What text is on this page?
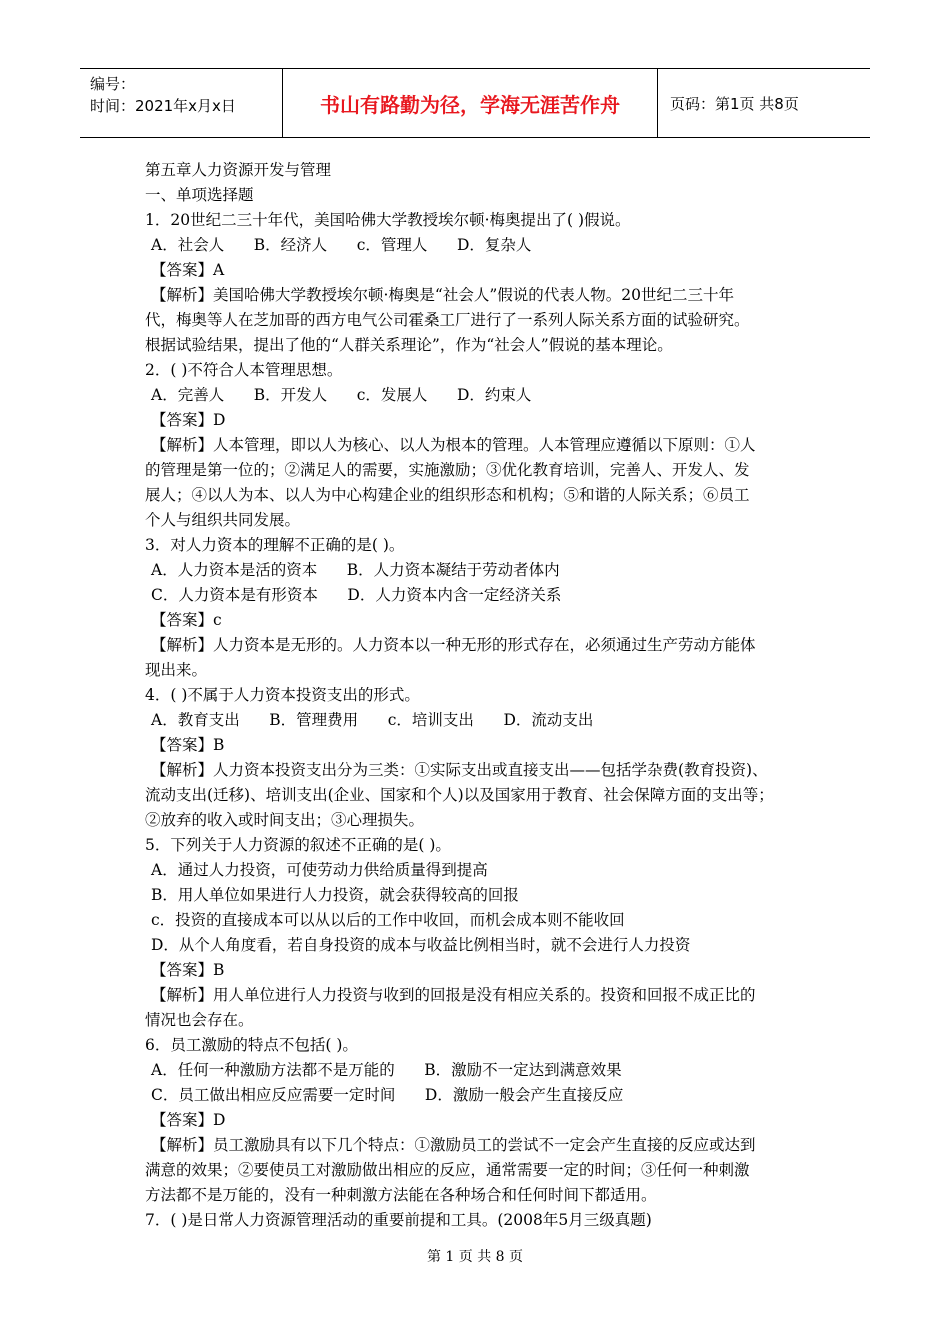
编号：
时间：2021年x月x日	书山有路勤为径，学海无涯苦作舟	页码：第1页 共8页

第五章人力资源开发与管理

一、单项选择题

1．20世纪二三十年代，美国哈佛大学教授埃尔顿·梅奥提出了( )假说。

A．社会人      B．经济人      c．管理人      D．复杂人

【答案】A

【解析】美国哈佛大学教授埃尔顿·梅奥是“社会人”假说的代表人物。20世纪二三十年

代，梅奥等人在芝加哥的西方电气公司霍桑工厂进行了一系列人际关系方面的试验研究。

根据试验结果，提出了他的“人群关系理论”，作为“社会人”假说的基本理论。

2．( )不符合人本管理思想。

A．完善人      B．开发人      c．发展人      D．约束人

【答案】D

【解析】人本管理，即以人为核心、以人为根本的管理。人本管理应遵循以下原则：①人

的管理是第一位的；②满足人的需要，实施激励；③优化教育培训，完善人、开发人、发

展人；④以人为本、以人为中心构建企业的组织形态和机构；⑤和谐的人际关系；⑥员工

个人与组织共同发展。

3．对人力资本的理解不正确的是( )。

A．人力资本是活的资本      B．人力资本凝结于劳动者体内

C．人力资本是有形资本      D．人力资本内含一定经济关系

【答案】c

【解析】人力资本是无形的。人力资本以一种无形的形式存在，必须通过生产劳动方能体

现出来。

4．( )不属于人力资本投资支出的形式。

A．教育支出      B．管理费用      c．培训支出      D．流动支出

【答案】B

【解析】人力资本投资支出分为三类：①实际支出或直接支出——包括学杂费(教育投资)、

流动支出(迁移)、培训支出(企业、国家和个人)以及国家用于教育、社会保障方面的支出等；

②放弃的收入或时间支出；③心理损失。

5．下列关于人力资源的叙述不正确的是( )。

A．通过人力投资，可使劳动力供给质量得到提高

B．用人单位如果进行人力投资，就会获得较高的回报

c．投资的直接成本可以从以后的工作中收回，而机会成本则不能收回

D．从个人角度看，若自身投资的成本与收益比例相当时，就不会进行人力投资

【答案】B

【解析】用人单位进行人力投资与收到的回报是没有相应关系的。投资和回报不成正比的

情况也会存在。

6．员工激励的特点不包括( )。

A．任何一种激励方法都不是万能的      B．激励不一定达到满意效果

C．员工做出相应反应需要一定时间      D．激励一般会产生直接反应

【答案】D

【解析】员工激励具有以下几个特点：①激励员工的尝试不一定会产生直接的反应或达到

满意的效果；②要使员工对激励做出相应的反应，通常需要一定的时间；③任何一种刺激

方法都不是万能的，没有一种刺激方法能在各种场合和任何时间下都适用。

7．( )是日常人力资源管理活动的重要前提和工具。(2008年5月三级真题)

第 1 页 共 8 页
